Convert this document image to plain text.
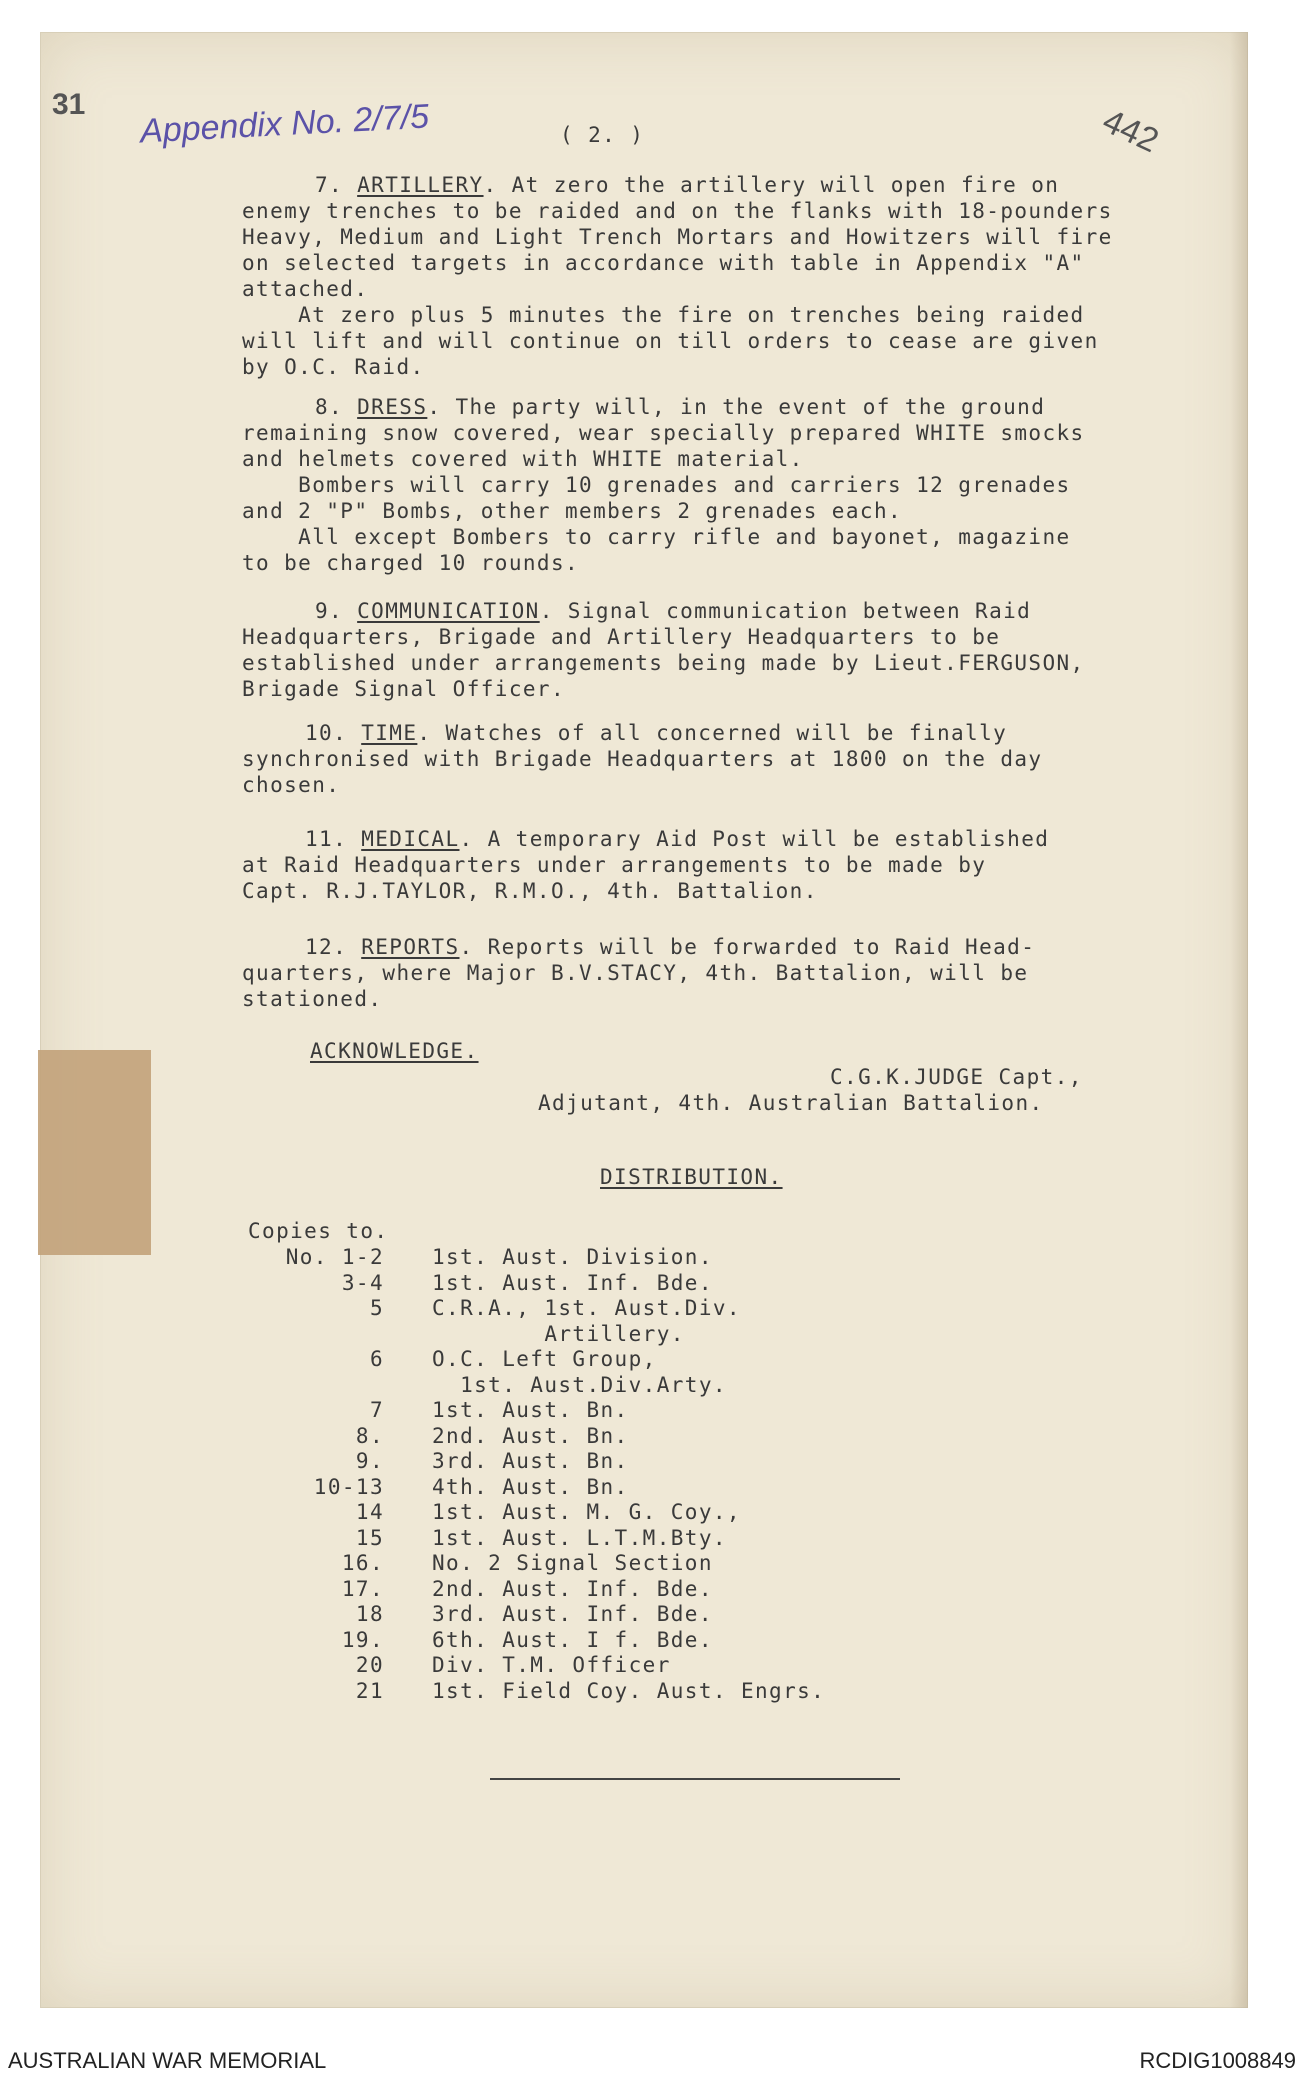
31 Appendix No. 2/7/5	442
( 2. )
7. ARTILLERY. At zero the artillery will open fire on
enemy trenches to be raided and on the flanks with 18-pounders
Heavy, Medium and Light Trench Mortars and Howitzers will fire
on selected targets in accordance with table in Appendix "A"
attached.
At zero plus 5 minutes the fire on trenches being raided
will lift and will continue on till orders to cease are given
by O.C. Raid.
8. DRESS. The party will, in the event of the ground
remaining snow covered, wear specially prepared WHITE smocks
and helmets covered with WHITE material.
Bombers will carry 10 grenades and carriers 12 grenades
and 2 "P" Bombs, other members 2 grenades each.
All except Bombers to carry rifle and bayonet, magazine
to be charged 10 rounds.
9. COMMUNICATION. Signal communication between Raid
Headquarters, Brigade and Artillery Headquarters to be
established under arrangements being made by Lieut.FERGUSON,
Brigade Signal Officer.
10. TIME. Watches of all concerned will be finally
synchronised with Brigade Headquarters at 1800 on the day
chosen.
11. MEDICAL. A temporary Aid Post will be established
at Raid Headquarters under arrangements to be made by
Capt. R.J.TAYLOR, R.M.O., 4th. Battalion.
12. REPORTS. Reports will be forwarded to Raid Head-
quarters, where Major B.V.STACY, 4th. Battalion, will be
stationed.
ACKNOWLEDGE.
C.G.K.JUDGE Capt.,
Adjutant, 4th. Australian Battalion.
DISTRIBUTION.
Copies to.
No. 1-2 1st. Aust. Division.
3-4 1st. Aust. Inf. Bde.
5 C.R.A., 1st. Aust.Div.
Artillery.
6 O.C. Left Group,
1st. Aust.Div.Arty.
7 1st. Aust. Bn.
8. 2nd. Aust. Bn.
9. 3rd. Aust. Bn.
10-13 4th. Aust. Bn.
14 1st. Aust. M. G. Coy.,
15 1st. Aust. L.T.M.Bty.
16. No. 2 Signal Section
17. 2nd. Aust. Inf. Bde.
18 3rd. Aust. Inf. Bde.
19. 6th. Aust. I f. Bde.
20 Div. T.M. Officer
21 1st. Field Coy. Aust. Engrs.
AUSTRALIAN WAR MEMORIAL	RCDIG1008849
